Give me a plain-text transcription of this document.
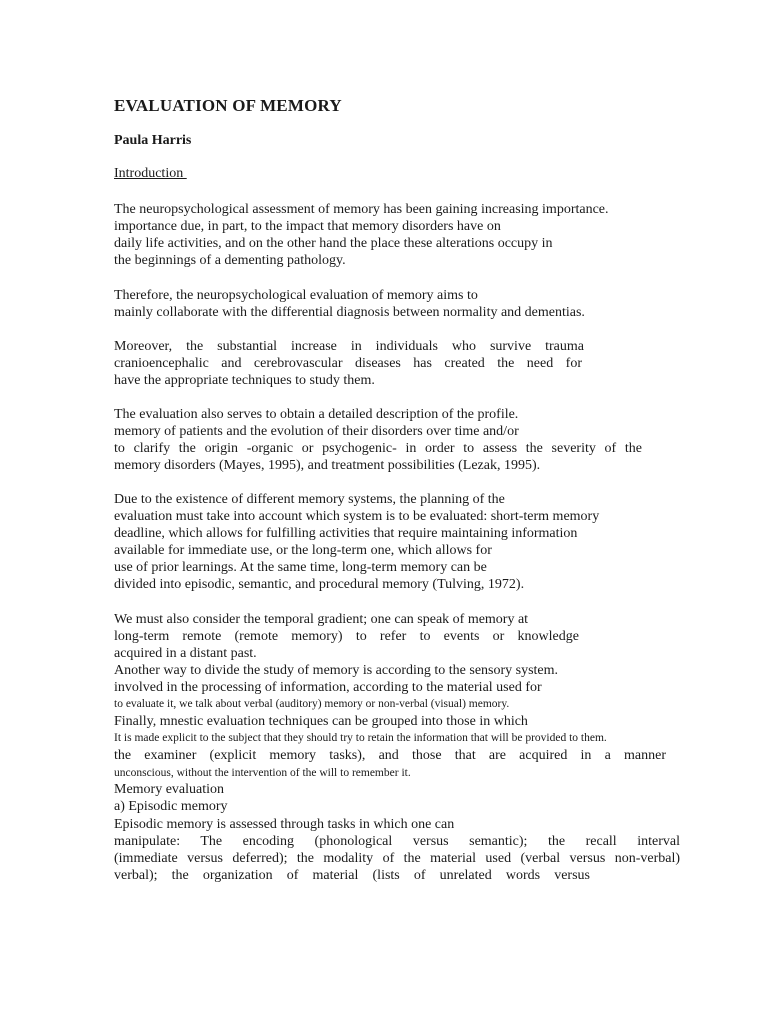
EVALUATION OF MEMORY

Paula Harris

Introduction

The neuropsychological assessment of memory has been gaining increasing importance.

importance due, in part, to the impact that memory disorders have on

daily life activities, and on the other hand the place these alterations occupy in

the beginnings of a dementing pathology.

Therefore, the neuropsychological evaluation of memory aims to

mainly collaborate with the differential diagnosis between normality and dementias.

Moreover, the substantial increase in individuals who survive trauma

cranioencephalic and cerebrovascular diseases has created the need for

have the appropriate techniques to study them.

The evaluation also serves to obtain a detailed description of the profile.

memory of patients and the evolution of their disorders over time and/or

to clarify the origin -organic or psychogenic- in order to assess the severity of the

memory disorders (Mayes, 1995), and treatment possibilities (Lezak, 1995).

Due to the existence of different memory systems, the planning of the

evaluation must take into account which system is to be evaluated: short-term memory

deadline, which allows for fulfilling activities that require maintaining information

available for immediate use, or the long-term one, which allows for

use of prior learnings. At the same time, long-term memory can be

divided into episodic, semantic, and procedural memory (Tulving, 1972).

We must also consider the temporal gradient; one can speak of memory at

long-term remote (remote memory) to refer to events or knowledge

acquired in a distant past.

Another way to divide the study of memory is according to the sensory system.

involved in the processing of information, according to the material used for

to evaluate it, we talk about verbal (auditory) memory or non-verbal (visual) memory.

Finally, mnestic evaluation techniques can be grouped into those in which

It is made explicit to the subject that they should try to retain the information that will be provided to them.

the examiner (explicit memory tasks), and those that are acquired in a manner

unconscious, without the intervention of the will to remember it.

Memory evaluation

a) Episodic memory

Episodic memory is assessed through tasks in which one can

manipulate: The encoding (phonological versus semantic); the recall interval

(immediate versus deferred); the modality of the material used (verbal versus non-verbal)

verbal); the organization of material (lists of unrelated words versus
